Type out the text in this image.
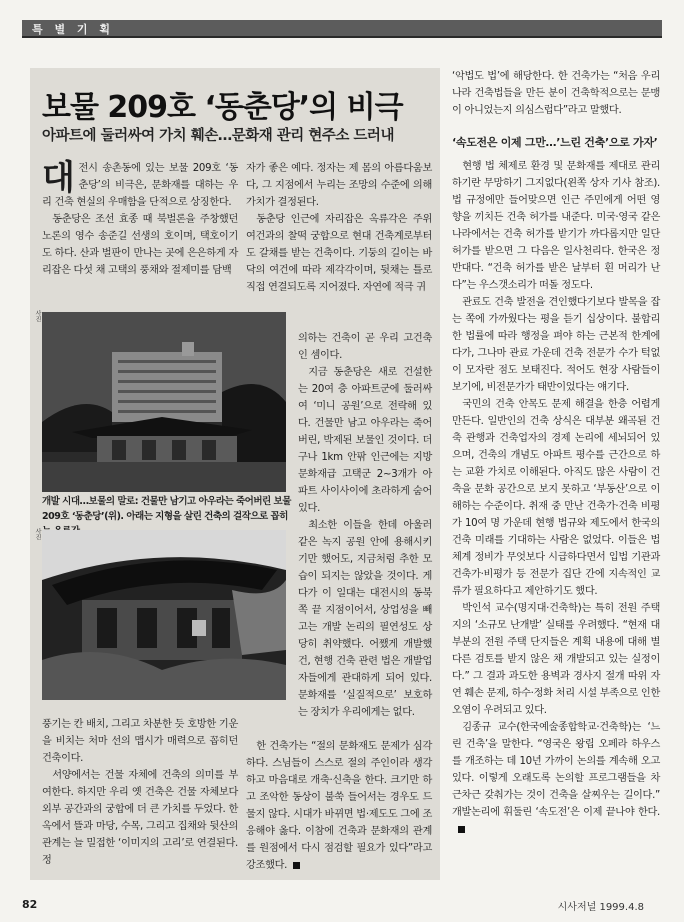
특 별 기 획
보물 209호 ‘동춘당’의 비극
아파트에 둘러싸여 가치 훼손…문화재 관리 현주소 드러내

대전시 송촌동에 있는 보물 209호 ‘동춘당’의 비극은, 문화재를 대하는 우리 건축 현실의 우매함을 단적으로 상징한다.

동춘당은 조선 효종 때 북벌론을 주창했던 노론의 영수 송준길 선생의 호이며, 택호이기도 하다. 산과 벌판이 만나는 곳에 은은하게 자리잡은 다섯 채 고택의 풍채와 절제미를 담백

사진
개발 시대…보물의 말로: 건물만 남기고 아우라는 죽어버린 보물 209호 ‘동춘당’(위). 아래는 지형을 살린 건축의 걸작으로 꼽히
사진

풍기는 칸 배치, 그리고 차분한 듯 호방한 기운을 비치는 처마 선의 맵시가 매력으로 꼽히던 건축이다.

서양에서는 건물 자체에 건축의 의미를 부여한다. 하지만 우리 옛 건축은 건물 자체보다 외부 공간과의 궁합에 더 큰 가치를 두었다. 한옥에서 뜰과 마당, 수목, 그리고 집채와 뒷산의 관계는 늘 밀접한 ‘이미지의 고리’로 연결된다. 정

자가 좋은 예다. 정자는 제 몸의 아름다움보다, 그 지점에서 누리는 조망의 수준에 의해 가치가 결정된다.

동춘당 인근에 자리잡은 옥류각은 주위 여건과의 찰떡 궁합으로 현대 건축계로부터도 갈채를 받는 건축이다. 기둥의 길이는 바닥의 여건에 따라 제각각이며, 뒷채는 틀로 직접 연결되도록 지어졌다. 자연에 적극 귀

의하는 건축이 곧 우리 고건축인 셈이다.

지금 동춘당은 새로 건설한 는 20여 층 아파트군에 둘러싸여 ‘미니 공원’으로 전락해 있다. 건물만 남고 아우라는 죽어 버린, 박제된 보물인 것이다. 더구나 1km 안팎 인근에는 지방 문화재급 고택군 2~3개가 아파트 사이사이에 초라하게 숨어 있다.

최소한 이들을 한데 아울러 같은 녹지 공원 안에 용해시키기만 했어도, 지금처럼 추한 모습이 되지는 않았을 것이다. 게다가 이 일대는 대전시의 동북쪽 끝 지점이어서, 상업성을 빼고는 개발 논리의 필연성도 상당히 취약했다. 어쨌게 개발했건, 현행 건축 관련 법은 개발업자들에게 관대하게 되어 있다. 문화재를 ‘실질적으로’ 보호하는 장치가 우리에게는 없다.

한 건축가는 “절의 문화재도 문제가 심각하다. 스님들이 스스로 절의 주인이라 생각하고 마음대로 개축·신축을 한다. 크기만 하고 조악한 동상이 불쑥 들어서는 경우도 드물지 않다. 시대가 바뀌면 법·제도도 그에 조응해야 옳다. 이참에 건축과 문화재의 관계를 원점에서 다시 점검할 필요가 있다”라고 강조했다.

‘악법도 법’에 해당한다. 한 건축가는 “처음 우리 나라 건축법들을 만든 분이 건축학적으로는 문맹이 아니었는지 의심스럽다”라고 말했다.

‘속도전은 이제 그만…’느린 건축’으로 가자’

현행 법 체제로 환경 및 문화재를 제대로 관리하기란 무망하기 그지없다(왼쪽 상자 기사 참조). 법 규정에만 들어맞으면 인근 주민에게 어떤 영향을 끼치든 건축 허가를 내준다. 미국·영국 같은 나라에서는 건축 허가를 받기가 까다롭지만 일단 허가를 받으면 그 다음은 일사천리다. 한국은 정반대다. “건축 허가를 받은 날부터 흰 머리가 난다”는 우스갯소리가 떠돌 정도다.

관료도 건축 발전을 견인했다기보다 발목을 잡는 쪽에 가까웠다는 평을 듣기 십상이다. 불합리한 법률에 따라 행정을 펴야 하는 근본적 한계에다가, 그나마 관료 가운데 건축 전문가 수가 턱없이 모자란 점도 보태진다. 적어도 현장 사람들이 보기에, 비전문가가 태반이었다는 얘기다.

국민의 건축 안목도 문제 해결을 한층 어렵게 만든다. 일반인의 건축 상식은 대부분 왜곡된 건축 관행과 건축업자의 경제 논리에 세뇌되어 있으며, 건축의 개념도 아파트 평수를 근간으로 하는 교환 가치로 이해된다. 아직도 많은 사람이 건축을 문화 공간으로 보지 못하고 ‘부동산’으로 이해하는 수준이다. 취재 중 만난 건축가·건축 비평가 10여 명 가운데 현행 법규와 제도에서 한국의 건축 미래를 기대하는 사람은 없었다. 이들은 법 체계 정비가 무엇보다 시급하다면서 입법 기관과 건축가·비평가 등 전문가 집단 간에 지속적인 교류가 필요하다고 제안하기도 했다.

박인석 교수(명지대·건축학)는 특히 전원 주택지의 ‘소규모 난개발’ 실태를 우려했다. “현재 대부분의 전원 주택 단지들은 계획 내용에 대해 별다른 검토를 받지 않은 채 개발되고 있는 실정이다.” 그 결과 과도한 용벽과 경사지 절개 따위 자연 훼손 문제, 하수·정화 처리 시설 부족으로 인한 오염이 우려되고 있다.

김종규 교수(한국예술종합학교·건축학)는 ‘느린 건축’을 말한다. “영국은 왕립 오페라 하우스를 개조하는 데 10년 가까이 논의를 계속해 오고 있다. 이렇게 오래도록 논의할 프로그램들을 차근차근 갖춰가는 것이 건축을 살찌우는 길이다.” 개발논리에 휘둘린 ‘속도전’은 이제 끝나야 한다.

82	시사저널 1999.4.8
